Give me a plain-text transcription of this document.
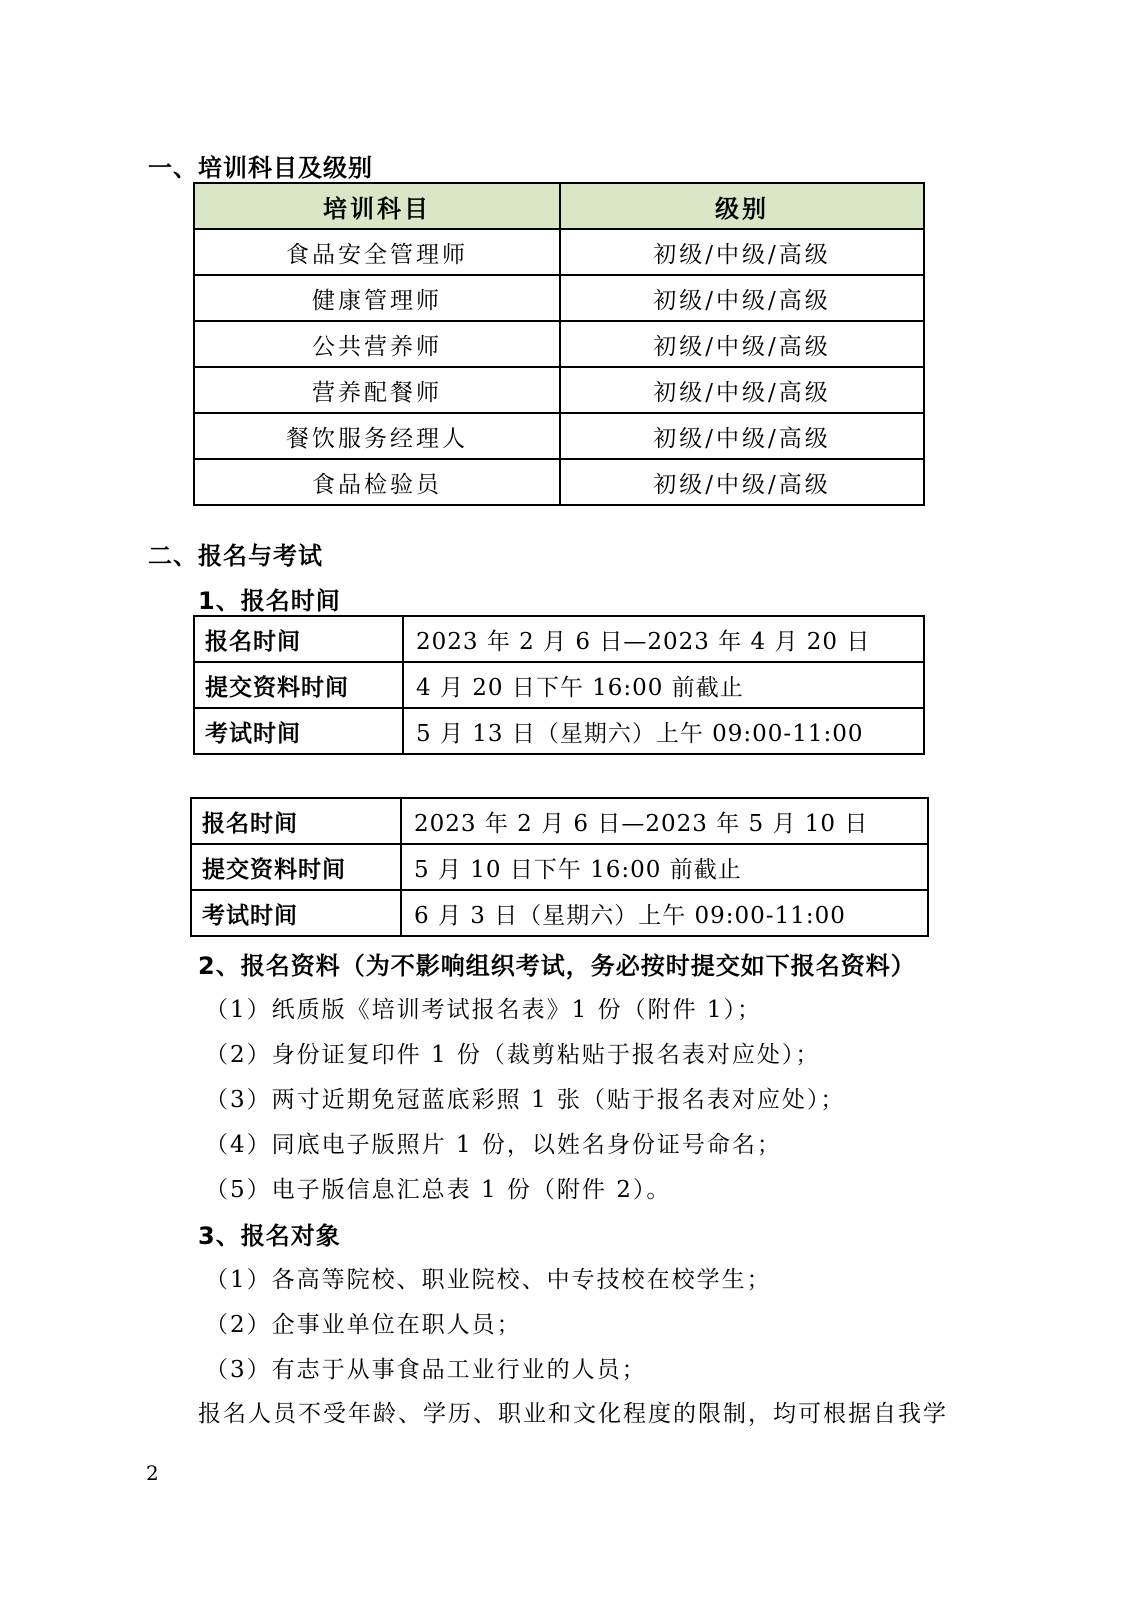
一、培训科目及级别
培训科目	级别
食品安全管理师	初级/中级/高级
健康管理师	初级/中级/高级
公共营养师	初级/中级/高级
营养配餐师	初级/中级/高级
餐饮服务经理人	初级/中级/高级
食品检验员	初级/中级/高级
二、报名与考试
1、报名时间
报名时间	2023 年 2 月 6 日—2023 年 4 月 20 日
提交资料时间	4 月 20 日下午 16:00 前截止
考试时间	5 月 13 日（星期六）上午 09:00-11:00
报名时间	2023 年 2 月 6 日—2023 年 5 月 10 日
提交资料时间	5 月 10 日下午 16:00 前截止
考试时间	6 月 3 日（星期六）上午 09:00-11:00
2、报名资料（为不影响组织考试，务必按时提交如下报名资料）
（1）纸质版《培训考试报名表》1 份（附件 1）；
（2）身份证复印件 1 份（裁剪粘贴于报名表对应处）；
（3）两寸近期免冠蓝底彩照 1 张（贴于报名表对应处）；
（4）同底电子版照片 1 份，以姓名身份证号命名；
（5）电子版信息汇总表 1 份（附件 2）。
3、报名对象
（1）各高等院校、职业院校、中专技校在校学生；
（2）企事业单位在职人员；
（3）有志于从事食品工业行业的人员；
报名人员不受年龄、学历、职业和文化程度的限制，均可根据自我学
2
